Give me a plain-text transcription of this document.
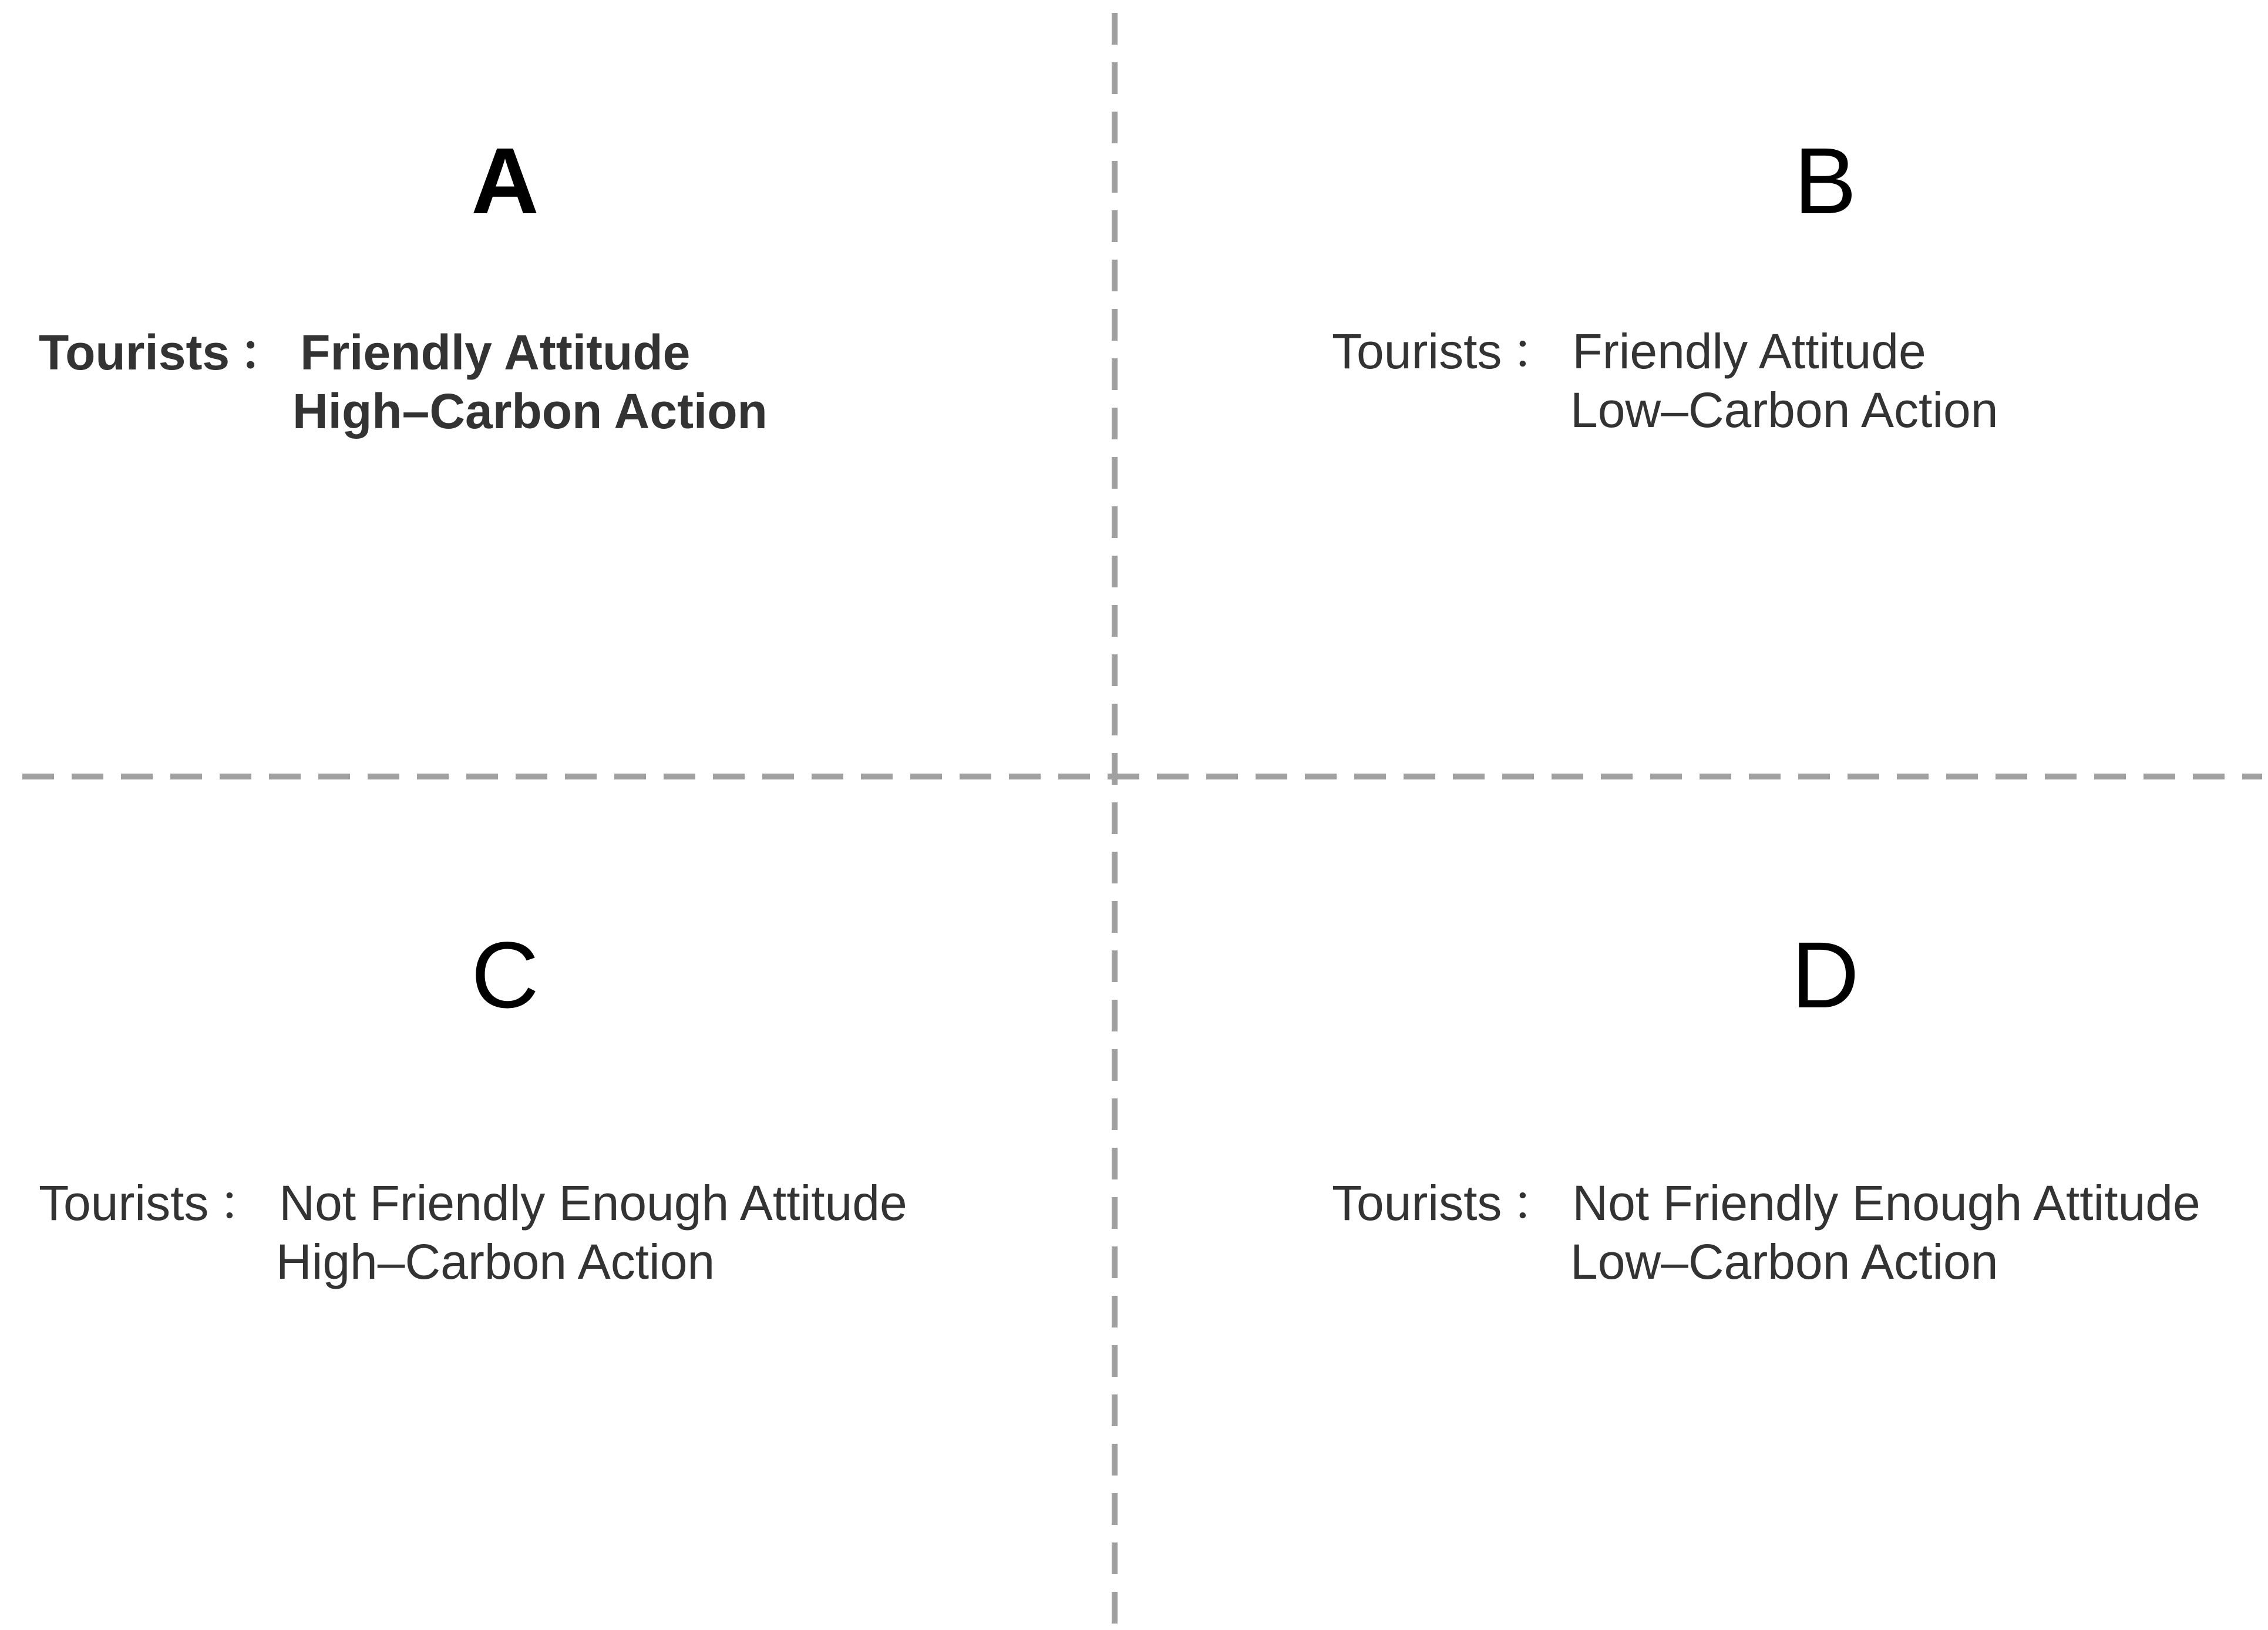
A
Tourists ： Friendly Attitude
High–Carbon Action
B
Tourists ： Friendly Attitude
Low–Carbon Action
C
Tourists ： Not Friendly Enough Attitude
High–Carbon Action
D
Tourists ： Not Friendly Enough Attitude
Low–Carbon Action
